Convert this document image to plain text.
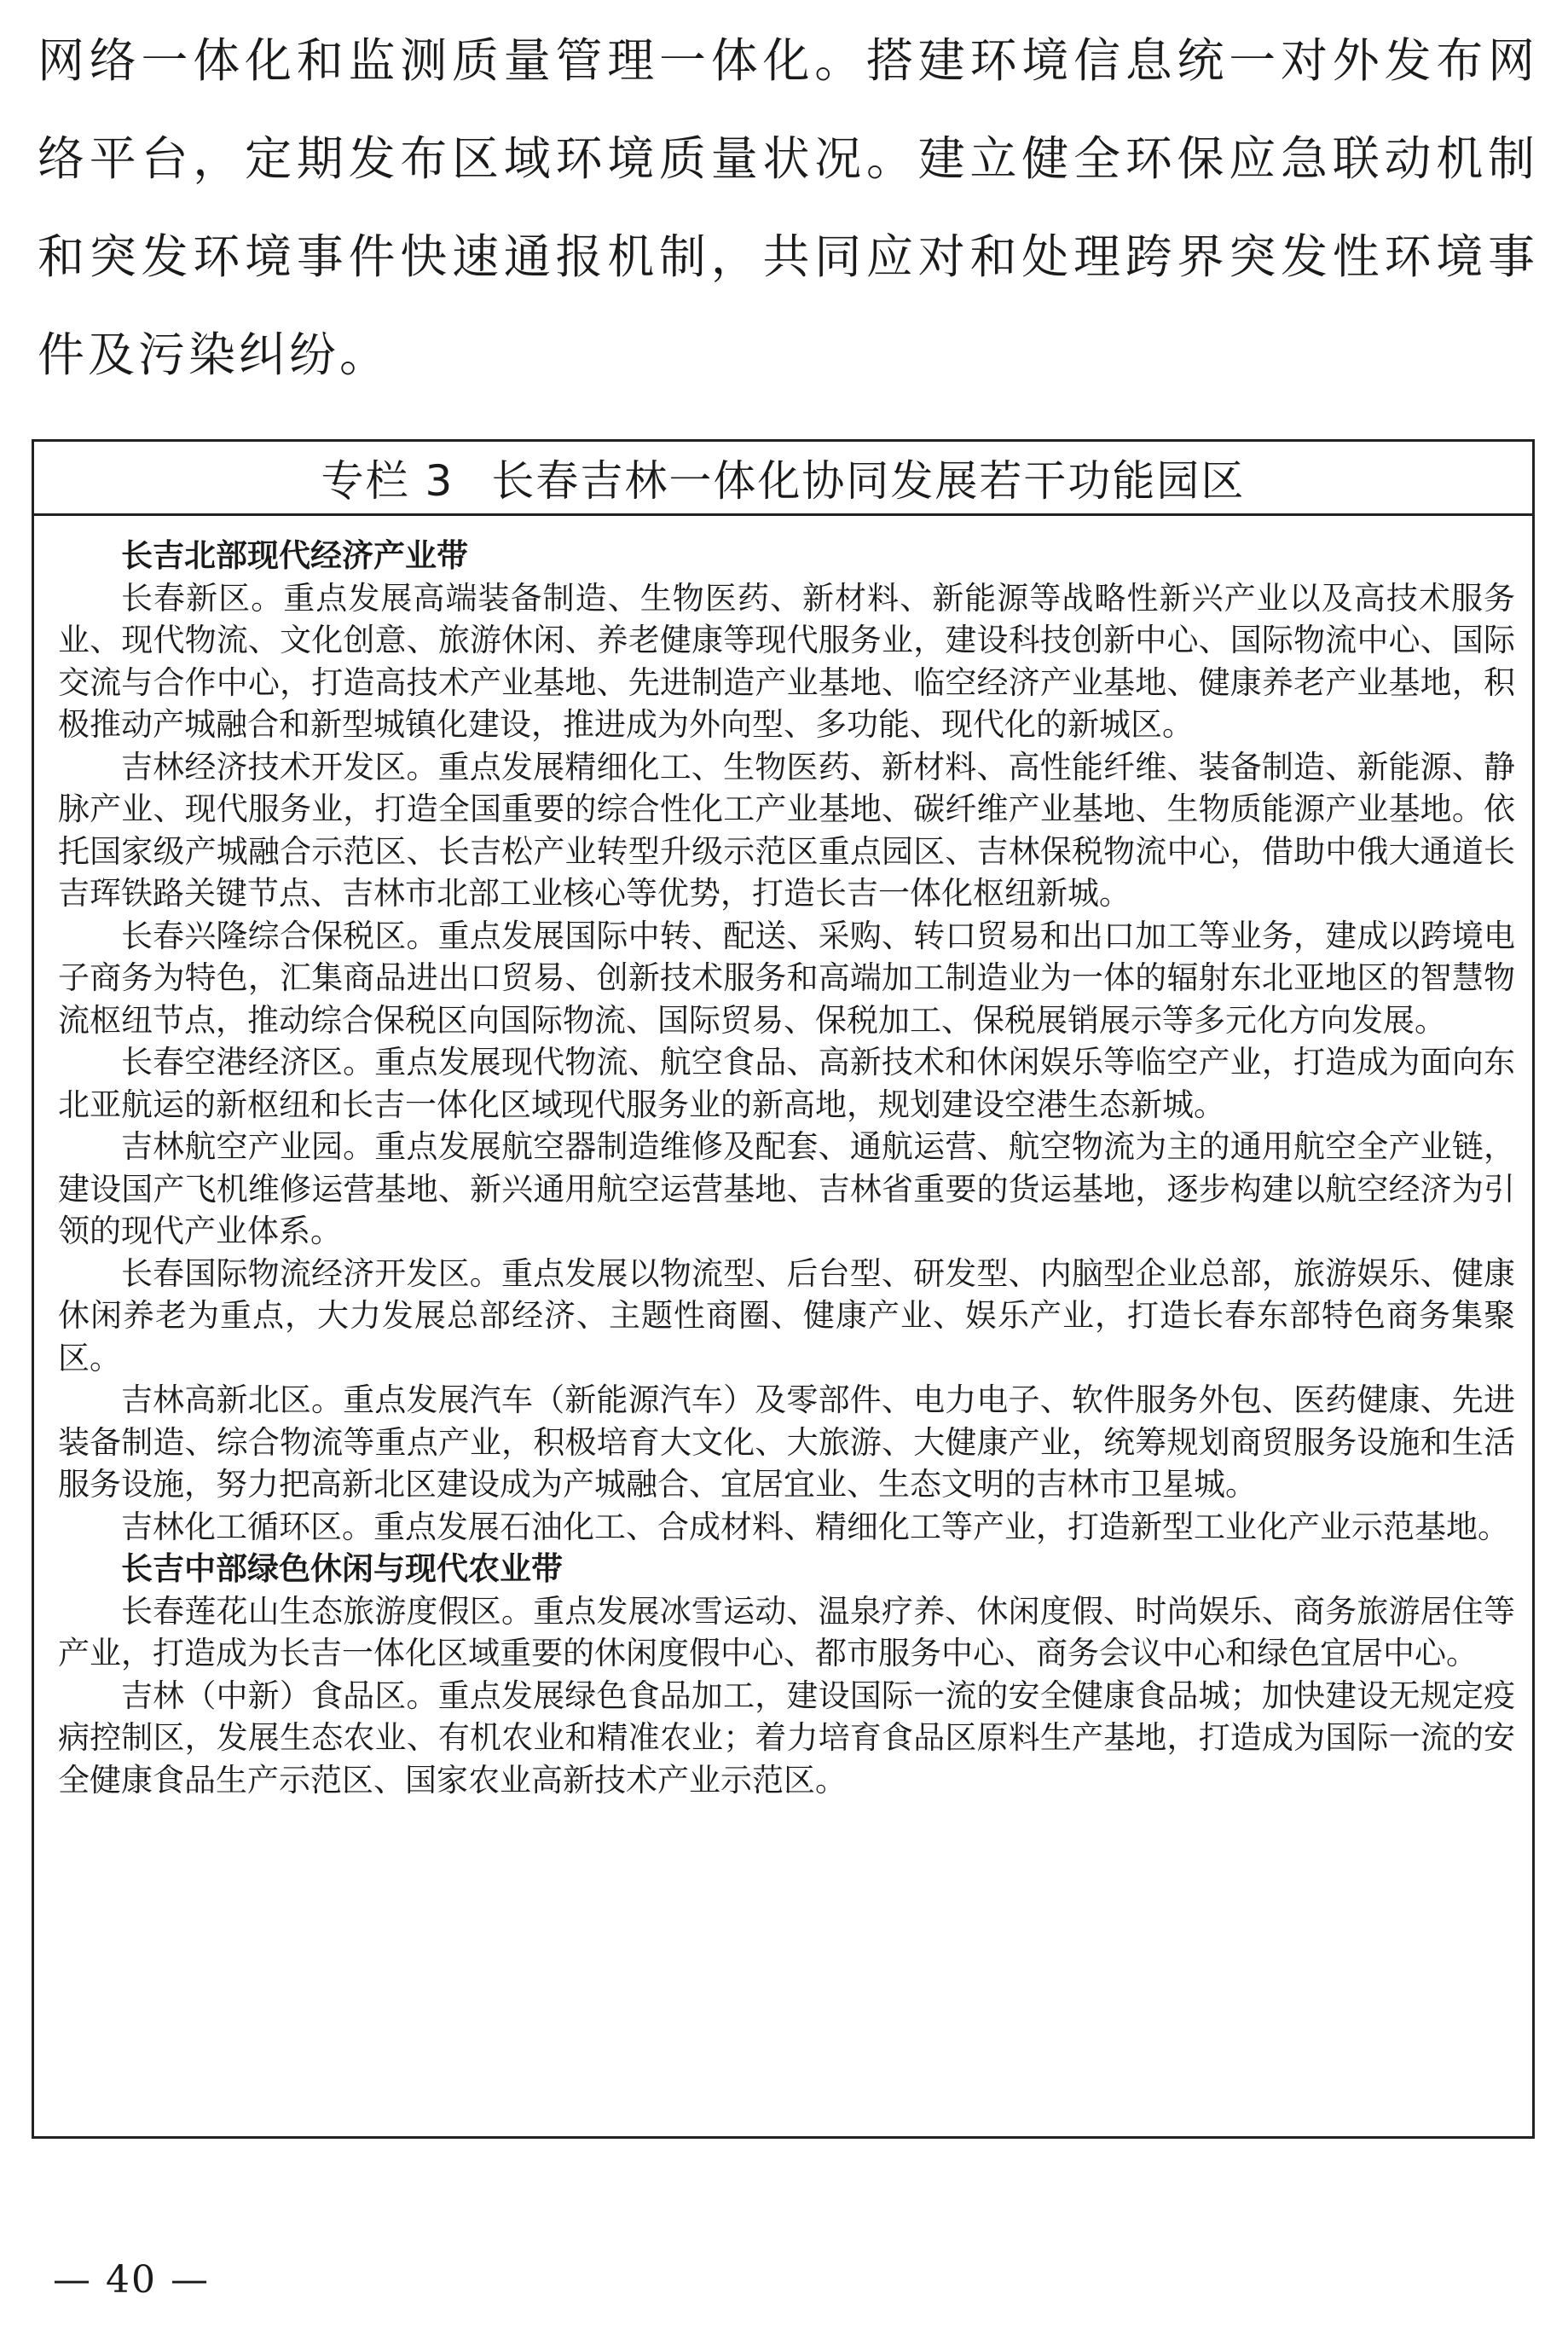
网络一体化和监测质量管理一体化。搭建环境信息统一对外发布网络平台，定期发布区域环境质量状况。建立健全环保应急联动机制和突发环境事件快速通报机制，共同应对和处理跨界突发性环境事件及污染纠纷。

专栏 3 长春吉林一体化协同发展若干功能园区
长吉北部现代经济产业带

长春新区。重点发展高端装备制造、生物医药、新材料、新能源等战略性新兴产业以及高技术服务业、现代物流、文化创意、旅游休闲、养老健康等现代服务业，建设科技创新中心、国际物流中心、国际交流与合作中心，打造高技术产业基地、先进制造产业基地、临空经济产业基地、健康养老产业基地，积极推动产城融合和新型城镇化建设，推进成为外向型、多功能、现代化的新城区。

吉林经济技术开发区。重点发展精细化工、生物医药、新材料、高性能纤维、装备制造、新能源、静脉产业、现代服务业，打造全国重要的综合性化工产业基地、碳纤维产业基地、生物质能源产业基地。依托国家级产城融合示范区、长吉松产业转型升级示范区重点园区、吉林保税物流中心，借助中俄大通道长吉珲铁路关键节点、吉林市北部工业核心等优势，打造长吉一体化枢纽新城。

长春兴隆综合保税区。重点发展国际中转、配送、采购、转口贸易和出口加工等业务，建成以跨境电子商务为特色，汇集商品进出口贸易、创新技术服务和高端加工制造业为一体的辐射东北亚地区的智慧物流枢纽节点，推动综合保税区向国际物流、国际贸易、保税加工、保税展销展示等多元化方向发展。

长春空港经济区。重点发展现代物流、航空食品、高新技术和休闲娱乐等临空产业，打造成为面向东北亚航运的新枢纽和长吉一体化区域现代服务业的新高地，规划建设空港生态新城。

吉林航空产业园。重点发展航空器制造维修及配套、通航运营、航空物流为主的通用航空全产业链，建设国产飞机维修运营基地、新兴通用航空运营基地、吉林省重要的货运基地，逐步构建以航空经济为引领的现代产业体系。

长春国际物流经济开发区。重点发展以物流型、后台型、研发型、内脑型企业总部，旅游娱乐、健康休闲养老为重点，大力发展总部经济、主题性商圈、健康产业、娱乐产业，打造长春东部特色商务集聚区。

吉林高新北区。重点发展汽车（新能源汽车）及零部件、电力电子、软件服务外包、医药健康、先进装备制造、综合物流等重点产业，积极培育大文化、大旅游、大健康产业，统筹规划商贸服务设施和生活服务设施，努力把高新北区建设成为产城融合、宜居宜业、生态文明的吉林市卫星城。

吉林化工循环区。重点发展石油化工、合成材料、精细化工等产业，打造新型工业化产业示范基地。

长吉中部绿色休闲与现代农业带

长春莲花山生态旅游度假区。重点发展冰雪运动、温泉疗养、休闲度假、时尚娱乐、商务旅游居住等产业，打造成为长吉一体化区域重要的休闲度假中心、都市服务中心、商务会议中心和绿色宜居中心。

吉林（中新）食品区。重点发展绿色食品加工，建设国际一流的安全健康食品城；加快建设无规定疫病控制区，发展生态农业、有机农业和精准农业；着力培育食品区原料生产基地，打造成为国际一流的安全健康食品生产示范区、国家农业高新技术产业示范区。

— 40 —
